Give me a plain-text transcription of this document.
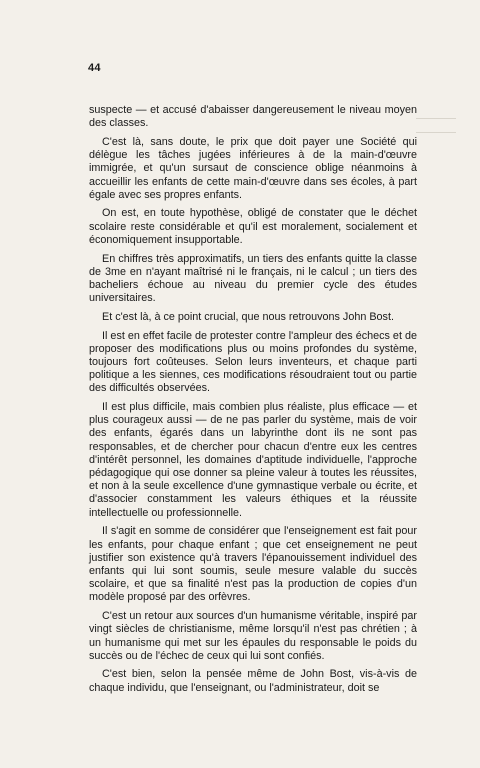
44

suspecte — et accusé d'abaisser dangereusement le niveau moyen des classes.

C'est là, sans doute, le prix que doit payer une Société qui délègue les tâches jugées inférieures à de la main-d'œuvre immigrée, et qu'un sursaut de conscience oblige néanmoins à accueillir les enfants de cette main-d'œuvre dans ses écoles, à part égale avec ses propres enfants.

On est, en toute hypothèse, obligé de constater que le déchet scolaire reste considérable et qu'il est moralement, socialement et économiquement insupportable.

En chiffres très approximatifs, un tiers des enfants quitte la classe de 3me en n'ayant maîtrisé ni le français, ni le calcul ; un tiers des bacheliers échoue au niveau du premier cycle des études universitaires.

Et c'est là, à ce point crucial, que nous retrouvons John Bost.

Il est en effet facile de protester contre l'ampleur des échecs et de proposer des modifications plus ou moins profondes du système, toujours fort coûteuses. Selon leurs inventeurs, et chaque parti politique a les siennes, ces modifications résoudraient tout ou partie des difficultés observées.

Il est plus difficile, mais combien plus réaliste, plus efficace — et plus courageux aussi — de ne pas parler du système, mais de voir des enfants, égarés dans un labyrinthe dont ils ne sont pas responsables, et de chercher pour chacun d'entre eux les centres d'intérêt personnel, les domaines d'aptitude individuelle, l'approche pédagogique qui ose donner sa pleine valeur à toutes les réussites, et non à la seule excellence d'une gymnastique verbale ou écrite, et d'associer constamment les valeurs éthiques et la réussite intellectuelle ou professionnelle.

Il s'agit en somme de considérer que l'enseignement est fait pour les enfants, pour chaque enfant ; que cet enseignement ne peut justifier son existence qu'à travers l'épanouissement individuel des enfants qui lui sont soumis, seule mesure valable du succès scolaire, et que sa finalité n'est pas la production de copies d'un modèle proposé par des orfèvres.

C'est un retour aux sources d'un humanisme véritable, inspiré par vingt siècles de christianisme, même lorsqu'il n'est pas chrétien ; à un humanisme qui met sur les épaules du responsable le poids du succès ou de l'échec de ceux qui lui sont confiés.

C'est bien, selon la pensée même de John Bost, vis-à-vis de chaque individu, que l'enseignant, ou l'administrateur, doit se
